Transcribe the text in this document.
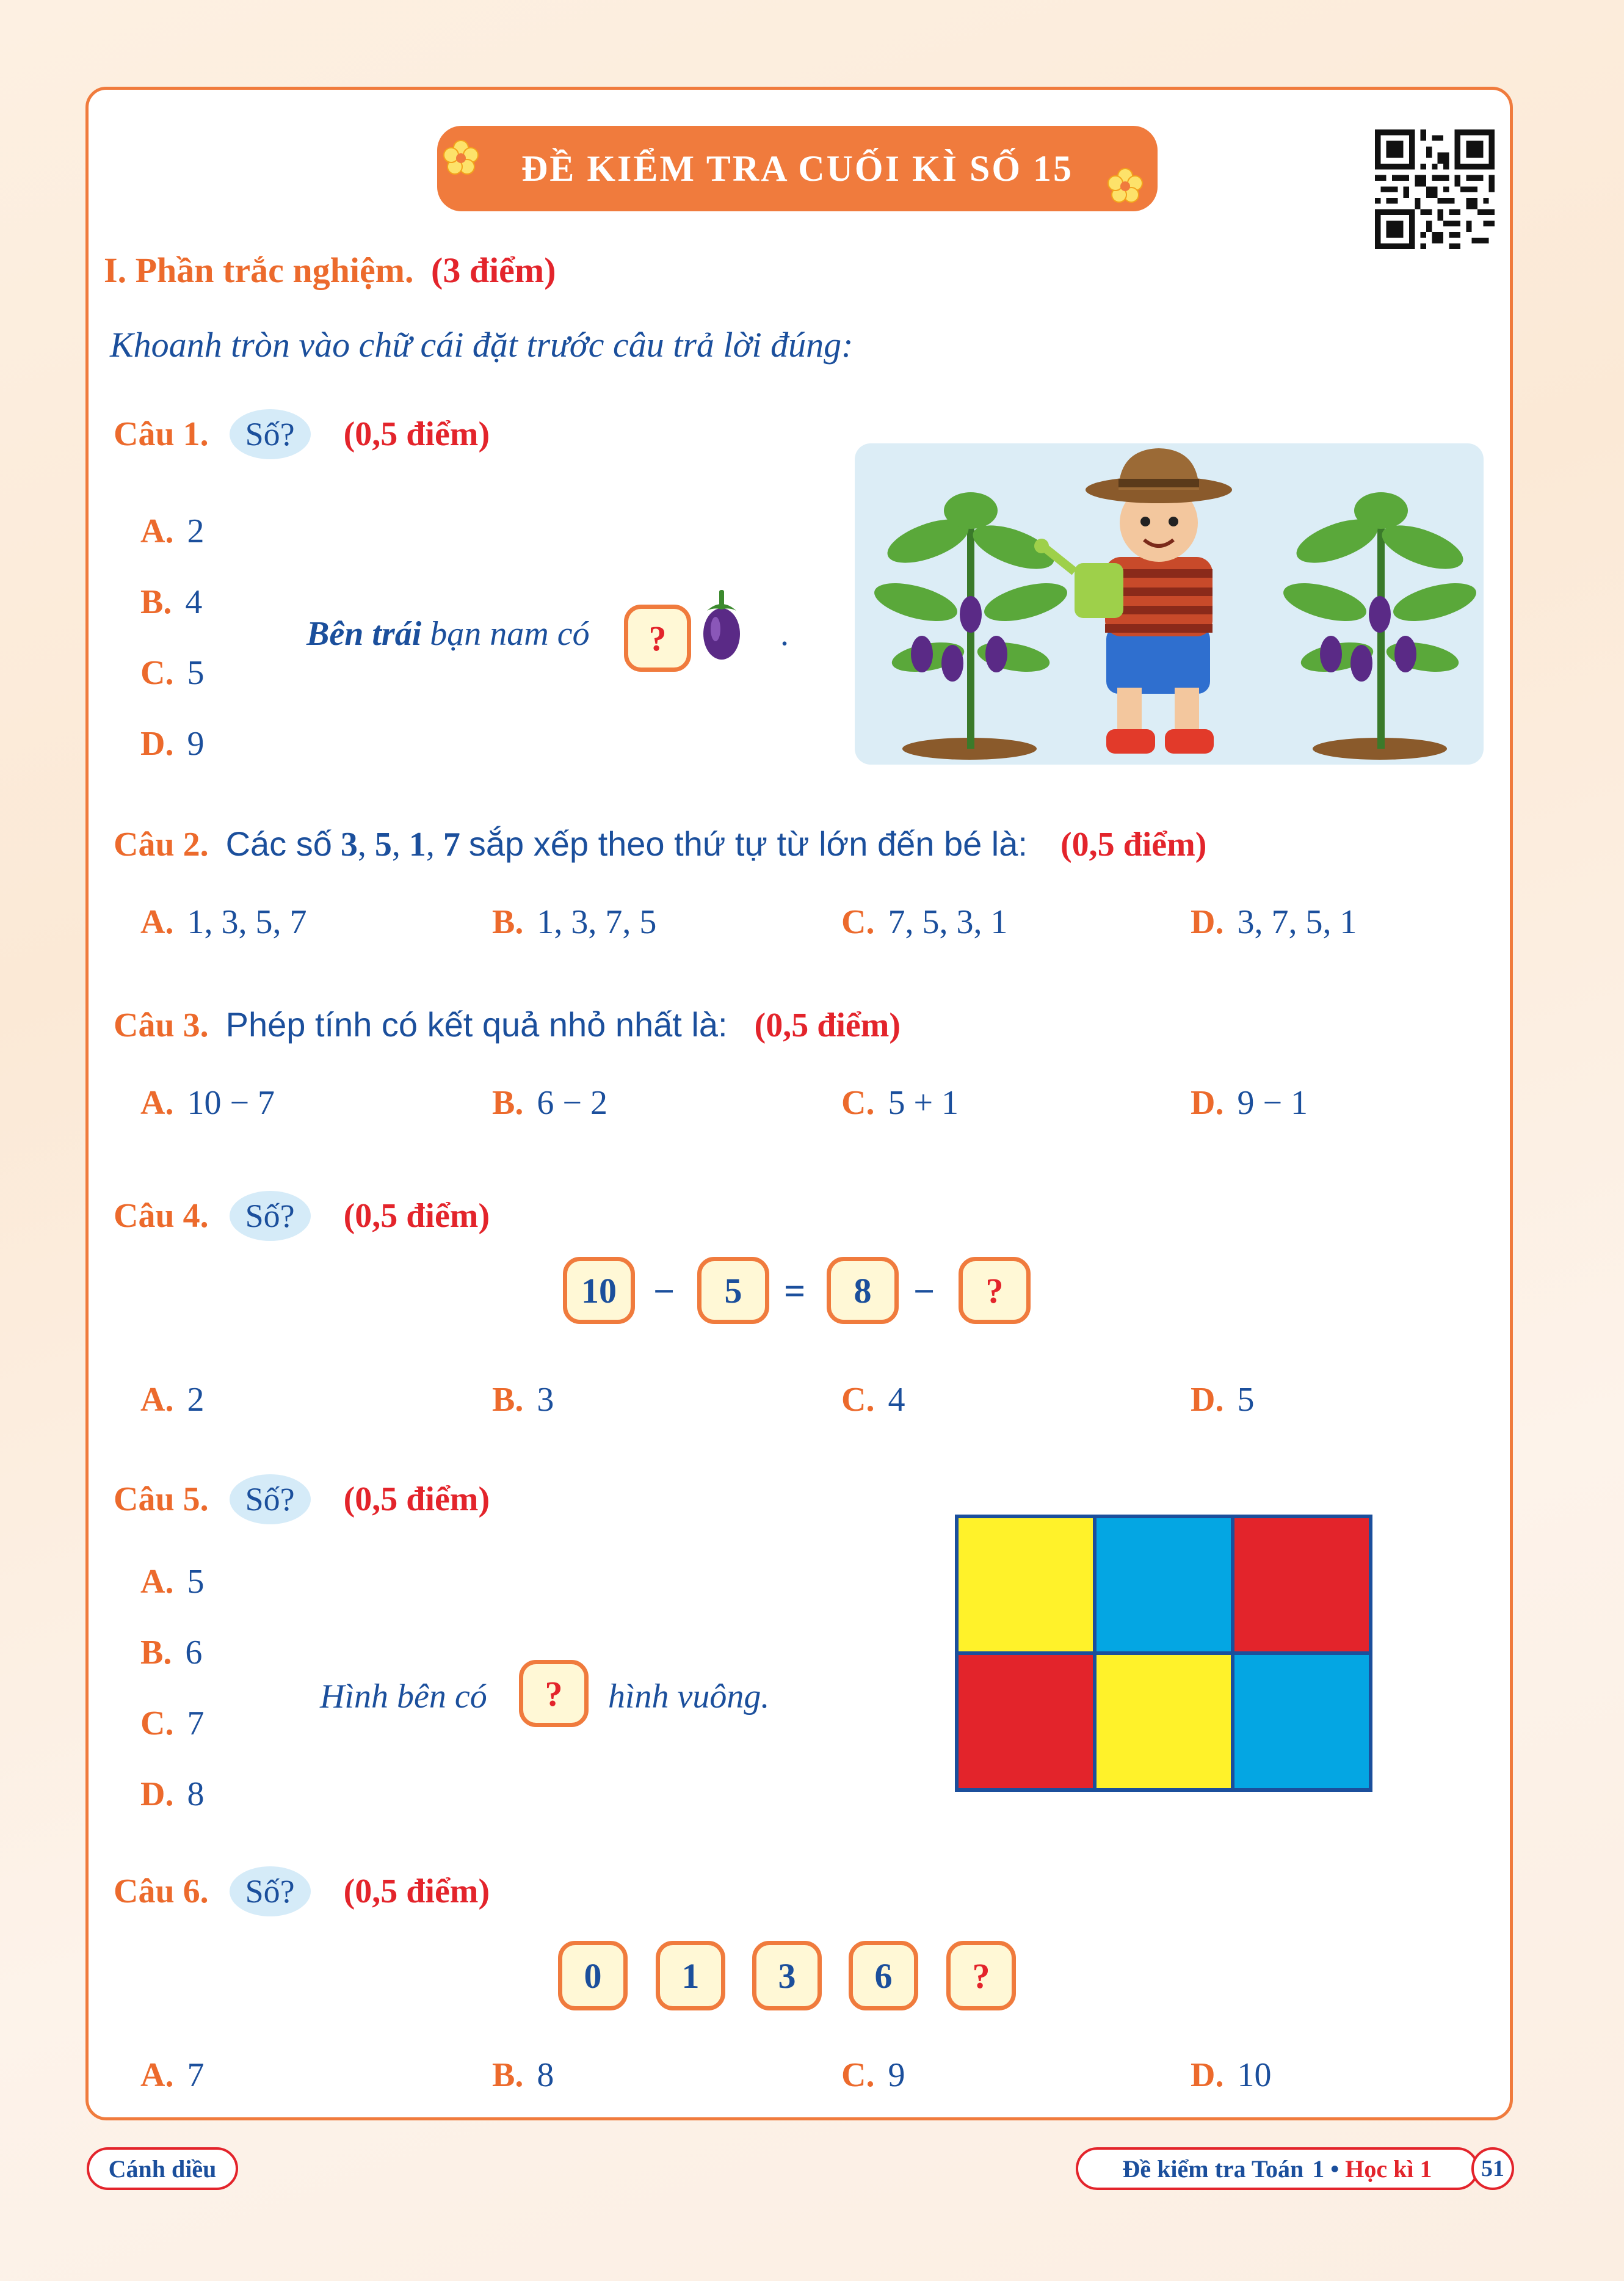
ĐỀ KIỂM TRA CUỐI KÌ SỐ 15
I. Phần trắc nghiệm. (3 điểm)
Khoanh tròn vào chữ cái đặt trước câu trả lời đúng:
Câu 1. Số? (0,5 điểm)
A. 2
B. 4
C. 5
D. 9
Bên trái bạn nam có ?	.
Câu 2. Các số 3, 5, 1, 7 sắp xếp theo thứ tự từ lớn đến bé là: (0,5 điểm)
A. 1, 3, 5, 7	B. 1, 3, 7, 5	C. 7, 5, 3, 1	D. 3, 7, 5, 1
Câu 3. Phép tính có kết quả nhỏ nhất là: (0,5 điểm)
A. 10 − 7	B. 6 − 2	C. 5 + 1	D. 9 − 1
Câu 4. Số? (0,5 điểm)
10 − 5 = 8 − ?
A. 2	B. 3	C. 4	D. 5
Câu 5. Số? (0,5 điểm)
A. 5
B. 6
C. 7
D. 8
Hình bên có ? hình vuông.
Câu 6. Số? (0,5 điểm)
0 1 3 6 ?
A. 7	B. 8	C. 9	D. 10
Cánh diều	Đề kiểm tra Toán 1 • Học kì 1 51
